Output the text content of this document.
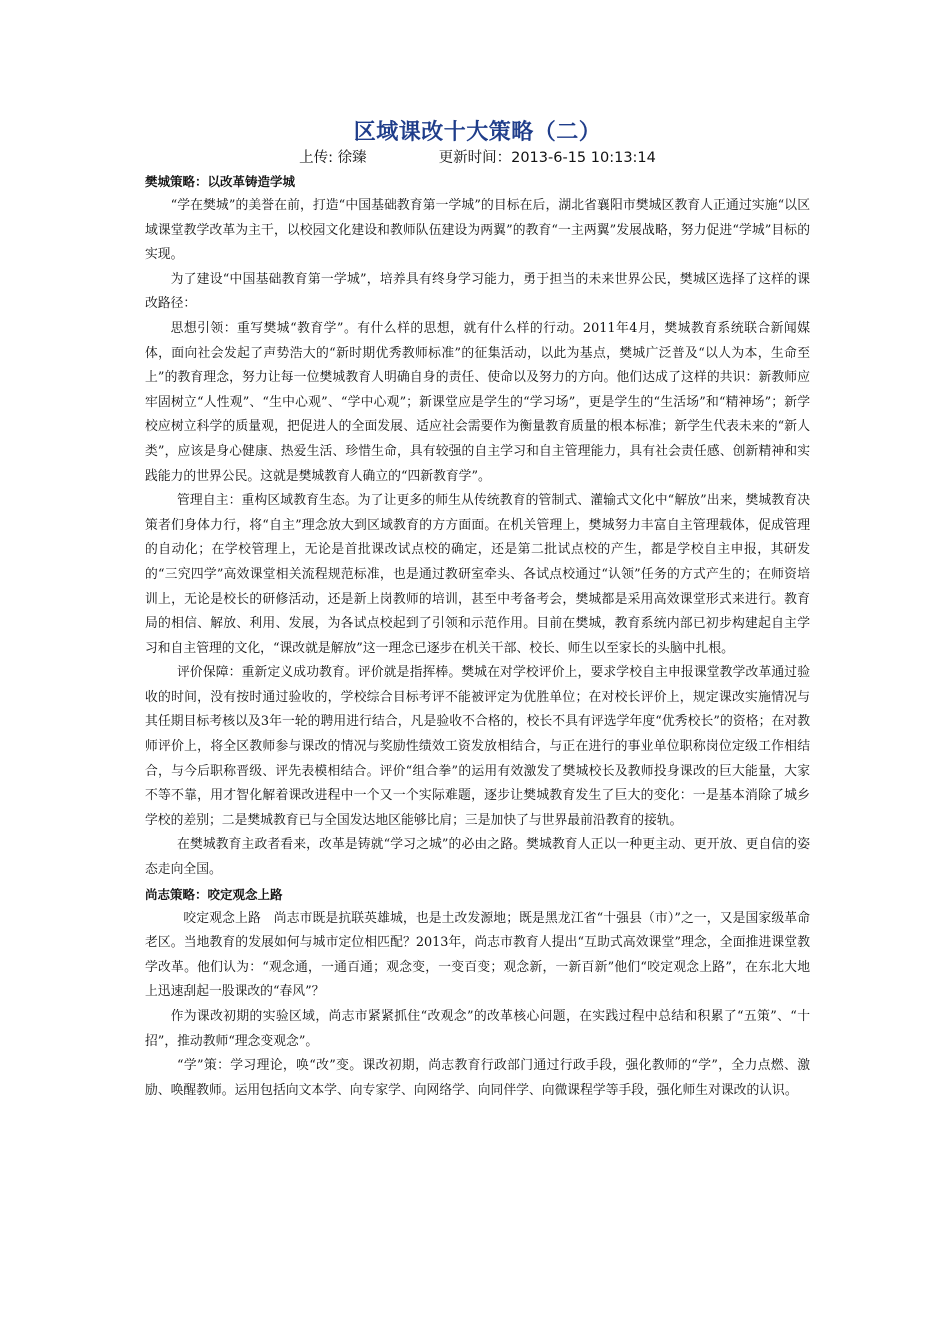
区域课改十大策略（二）

上传: 徐臻	更新时间：2013-6-15 10:13:14

樊城策略：以改革铸造学城

“学在樊城”的美誉在前，打造“中国基础教育第一学城”的目标在后，湖北省襄阳市樊城区教育人正通过实施“以区域课堂教学改革为主干，以校园文化建设和教师队伍建设为两翼”的教育“一主两翼”发展战略，努力促进“学城”目标的实现。

为了建设“中国基础教育第一学城”，培养具有终身学习能力，勇于担当的未来世界公民，樊城区选择了这样的课改路径：

思想引领：重写樊城“教育学”。有什么样的思想，就有什么样的行动。2011年4月，樊城教育系统联合新闻媒体，面向社会发起了声势浩大的“新时期优秀教师标准”的征集活动，以此为基点，樊城广泛普及“以人为本，生命至上”的教育理念，努力让每一位樊城教育人明确自身的责任、使命以及努力的方向。他们达成了这样的共识：新教师应牢固树立“人性观”、“生中心观”、“学中心观”；新课堂应是学生的“学习场”，更是学生的“生活场”和“精神场”；新学校应树立科学的质量观，把促进人的全面发展、适应社会需要作为衡量教育质量的根本标准；新学生代表未来的“新人类”，应该是身心健康、热爱生活、珍惜生命，具有较强的自主学习和自主管理能力，具有社会责任感、创新精神和实践能力的世界公民。这就是樊城教育人确立的“四新教育学”。

管理自主：重构区域教育生态。为了让更多的师生从传统教育的管制式、灌输式文化中“解放”出来，樊城教育决策者们身体力行，将“自主”理念放大到区域教育的方方面面。在机关管理上，樊城努力丰富自主管理载体，促成管理的自动化；在学校管理上，无论是首批课改试点校的确定，还是第二批试点校的产生，都是学校自主申报，其研发的“三究四学”高效课堂相关流程规范标准，也是通过教研室牵头、各试点校通过“认领”任务的方式产生的；在师资培训上，无论是校长的研修活动，还是新上岗教师的培训，甚至中考备考会，樊城都是采用高效课堂形式来进行。教育局的相信、解放、利用、发展，为各试点校起到了引领和示范作用。目前在樊城，教育系统内部已初步构建起自主学习和自主管理的文化，“课改就是解放”这一理念已逐步在机关干部、校长、师生以至家长的头脑中扎根。

评价保障：重新定义成功教育。评价就是指挥棒。樊城在对学校评价上，要求学校自主申报课堂教学改革通过验收的时间，没有按时通过验收的，学校综合目标考评不能被评定为优胜单位；在对校长评价上，规定课改实施情况与其任期目标考核以及3年一轮的聘用进行结合，凡是验收不合格的，校长不具有评选学年度“优秀校长”的资格；在对教师评价上，将全区教师参与课改的情况与奖励性绩效工资发放相结合，与正在进行的事业单位职称岗位定级工作相结合，与今后职称晋级、评先表模相结合。评价“组合拳”的运用有效激发了樊城校长及教师投身课改的巨大能量，大家不等不靠，用才智化解着课改进程中一个又一个实际难题，逐步让樊城教育发生了巨大的变化：一是基本消除了城乡学校的差别；二是樊城教育已与全国发达地区能够比肩；三是加快了与世界最前沿教育的接轨。

在樊城教育主政者看来，改革是铸就“学习之城”的必由之路。樊城教育人正以一种更主动、更开放、更自信的姿态走向全国。

尚志策略：咬定观念上路

咬定观念上路　尚志市既是抗联英雄城，也是土改发源地；既是黑龙江省“十强县（市）”之一，又是国家级革命老区。当地教育的发展如何与城市定位相匹配？2013年，尚志市教育人提出“互助式高效课堂”理念，全面推进课堂教学改革。他们认为：“观念通，一通百通；观念变，一变百变；观念新，一新百新”他们“咬定观念上路”，在东北大地上迅速刮起一股课改的“春风”？

作为课改初期的实验区域，尚志市紧紧抓住“改观念”的改革核心问题，在实践过程中总结和积累了“五策”、“十招”，推动教师“理念变观念”。

“学”策：学习理论，唤“改”变。课改初期，尚志教育行政部门通过行政手段，强化教师的“学”，全力点燃、激励、唤醒教师。运用包括向文本学、向专家学、向网络学、向同伴学、向微课程学等手段，强化师生对课改的认识。
